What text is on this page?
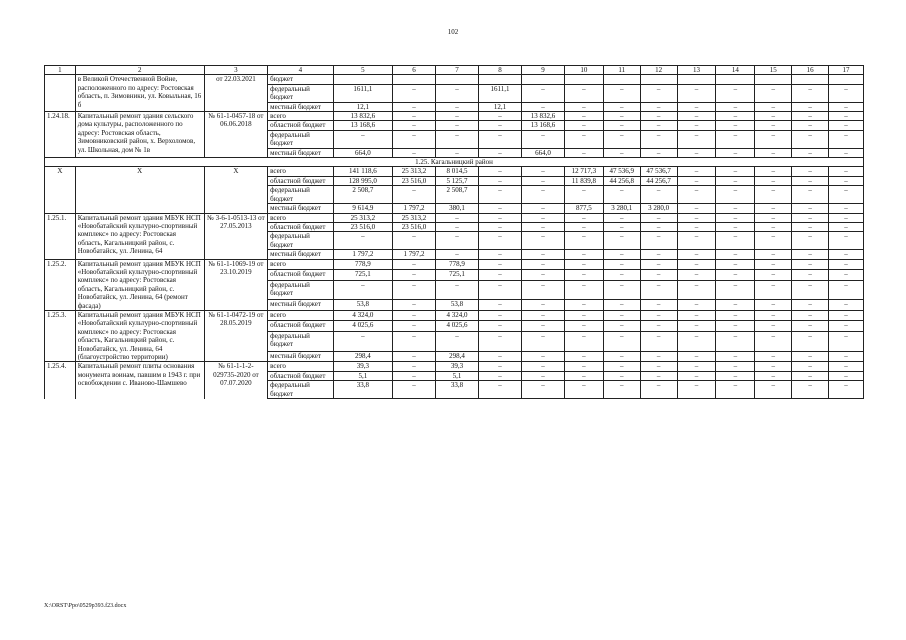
102
1	2	3	4	5	6	7	8	9	10	11	12	13	14	15	16	17
	в Великой Отечественной Войне, расположенного по адресу: Ростовская область, п. Зимовники, ул. Ковыльная, 16 б	от 22.03.2021	бюджет													
			федеральный бюджет	1611,1	–	–	1611,1	–	–	–	–	–	–	–	–	–
			местный бюджет	12,1	–	–	12,1	–	–	–	–	–	–	–	–	–
1.24.18.	Капитальный ремонт здания сельского дома культуры, расположенного по адресу: Ростовская область, Зимовниковский район, х. Верхоломов, ул. Школьная, дом № 1в	№ 61-1-0457-18 от 06.06.2018	всего	13 832,6	–	–	–	13 832,6	–	–	–	–	–	–	–	–
			областной бюджет	13 168,6	–	–	–	13 168,6	–	–	–	–	–	–	–	–
			федеральный бюджет	–	–	–	–	–	–	–	–	–	–	–	–	–
			местный бюджет	664,0	–	–	–	664,0	–	–	–	–	–	–	–	–
1.25. Кагальницкий район																
Х	Х	Х	всего	141 118,6	25 313,2	8 014,5	–	–	12 717,3	47 536,9	47 536,7	–	–	–	–	–
			областной бюджет	128 995,0	23 516,0	5 125,7	–	–	11 839,8	44 256,8	44 256,7	–	–	–	–	–
			федеральный бюджет	2 508,7	–	2 508,7	–	–	–	–	–	–	–	–	–	–
			местный бюджет	9 614,9	1 797,2	380,1	–	–	877,5	3 280,1	3 280,0	–	–	–	–	–
1.25.1.	Капитальный ремонт здания МБУК НСП «Новобатайский культурно-спортивный комплекс» по адресу: Ростовская область, Кагальницкий район, с. Новобатайск, ул. Ленина, 64	№ 3-6-1-0513-13 от 27.05.2013	всего	25 313,2	25 313,2	–	–	–	–	–	–	–	–	–	–	–
			областной бюджет	23 516,0	23 516,0	–	–	–	–	–	–	–	–	–	–	–
			федеральный бюджет	–	–	–	–	–	–	–	–	–	–	–	–	–
			местный бюджет	1 797,2	1 797,2	–	–	–	–	–	–	–	–	–	–	–
1.25.2.	Капитальный ремонт здания МБУК НСП «Новобатайский культурно-спортивный комплекс» по адресу: Ростовская область, Кагальницкий район, с. Новобатайск, ул. Ленина, 64 (ремонт фасада)	№ 61-1-1069-19 от 23.10.2019	всего	778,9	–	778,9	–	–	–	–	–	–	–	–	–	–
			областной бюджет	725,1	–	725,1	–	–	–	–	–	–	–	–	–	–
			федеральный бюджет	–	–	–	–	–	–	–	–	–	–	–	–	–
			местный бюджет	53,8	–	53,8	–	–	–	–	–	–	–	–	–	–
1.25.3.	Капитальный ремонт здания МБУК НСП «Новобатайский культурно-спортивный комплекс» по адресу: Ростовская область, Кагальницкий район, с. Новобатайск, ул. Ленина, 64 (благоустройство территории)	№ 61-1-0472-19 от 28.05.2019	всего	4 324,0	–	4 324,0	–	–	–	–	–	–	–	–	–	–
			областной бюджет	4 025,6	–	4 025,6	–	–	–	–	–	–	–	–	–	–
			федеральный бюджет	–	–	–	–	–	–	–	–	–	–	–	–	–
			местный бюджет	298,4	–	298,4	–	–	–	–	–	–	–	–	–	–
1.25.4.	Капитальный ремонт плиты основания монумента воинам, павшим в 1943 г. при освобождении с. Иваново-Шамшево	№ 61-1-1-2-029735-2020 от 07.07.2020	всего	39,3	–	39,3	–	–	–	–	–	–	–	–	–	–
			областной бюджет	5,1	–	5,1	–	–	–	–	–	–	–	–	–	–
			федеральный бюджет	33,8	–	33,8	–	–	–	–	–	–	–	–	–	–
X:\ORST\Ppo\0529p393.f23.docx
